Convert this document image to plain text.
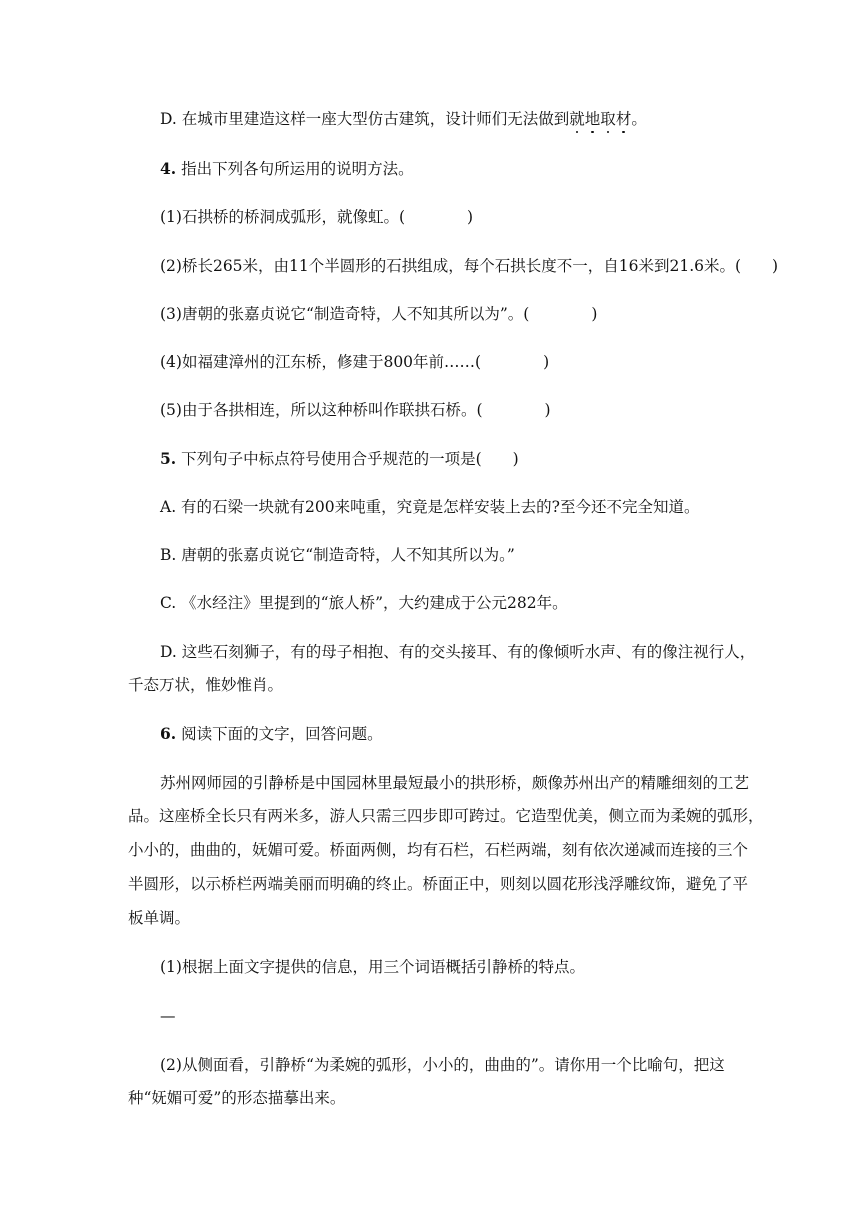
D. 在城市里建造这样一座大型仿古建筑，设计师们无法做到就地取材。
4. 指出下列各句所运用的说明方法。
(1)石拱桥的桥洞成弧形，就像虹。(　　　　)
(2)桥长265米，由11个半圆形的石拱组成，每个石拱长度不一，自16米到21.6米。(　　)
(3)唐朝的张嘉贞说它“制造奇特，人不知其所以为”。(　　　　)
(4)如福建漳州的江东桥，修建于800年前……(　　　　)
(5)由于各拱相连，所以这种桥叫作联拱石桥。(　　　　)
5. 下列句子中标点符号使用合乎规范的一项是(　　)
A. 有的石梁一块就有200来吨重，究竟是怎样安装上去的?至今还不完全知道。
B. 唐朝的张嘉贞说它“制造奇特，人不知其所以为。”
C. 《水经注》里提到的“旅人桥”，大约建成于公元282年。
D. 这些石刻狮子，有的母子相抱、有的交头接耳、有的像倾听水声、有的像注视行人，
千态万状，惟妙惟肖。
6. 阅读下面的文字，回答问题。
苏州网师园的引静桥是中国园林里最短最小的拱形桥，颇像苏州出产的精雕细刻的工艺
品。这座桥全长只有两米多，游人只需三四步即可跨过。它造型优美，侧立而为柔婉的弧形，
小小的，曲曲的，妩媚可爱。桥面两侧，均有石栏，石栏两端，刻有依次递减而连接的三个
半圆形，以示桥栏两端美丽而明确的终止。桥面正中，则刻以圆花形浅浮雕纹饰，避免了平
板单调。
(1)根据上面文字提供的信息，用三个词语概括引静桥的特点。
—
(2)从侧面看，引静桥“为柔婉的弧形，小小的，曲曲的”。请你用一个比喻句，把这
种“妩媚可爱”的形态描摹出来。
